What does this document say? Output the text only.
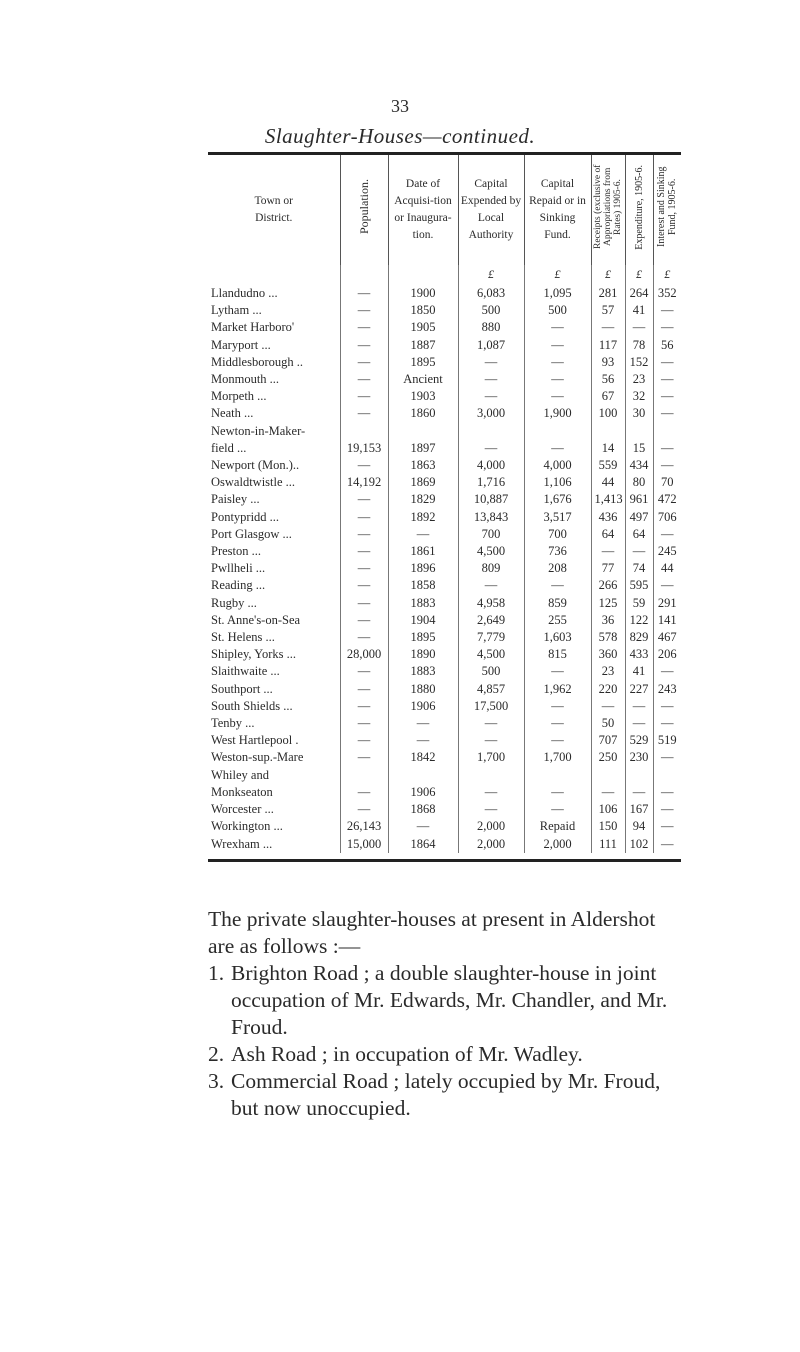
33
Slaughter-Houses—continued.
Town or District.	Population.	Date of Acquisi-tion or Inaugura-tion.	Capital Expended by Local Authority	Capital Repaid or in Sinking Fund.	Receipts (exclusive of Appropriations from Rates) 1905-6.	Expenditure, 1905-6.	Interest and Sinking Fund, 1905-6.
			£	£	£	£	£
Llandudno ...	—	1900	6,083	1,095	281	264	352
Lytham ...	—	1850	500	500	57	41	—
Market Harboro'	—	1905	880	—	—	—	—
Maryport ...	—	1887	1,087	—	117	78	56
Middlesborough ..	—	1895	—	—	93	152	—
Monmouth ...	—	Ancient	—	—	56	23	—
Morpeth ...	—	1903	—	—	67	32	—
Neath ...	—	1860	3,000	1,900	100	30	—
Newton-in-Maker-							
field ...	19,153	1897	—	—	14	15	—
Newport (Mon.)..	—	1863	4,000	4,000	559	434	—
Oswaldtwistle ...	14,192	1869	1,716	1,106	44	80	70
Paisley ...	—	1829	10,887	1,676	1,413	961	472
Pontypridd ...	—	1892	13,843	3,517	436	497	706
Port Glasgow ...	—	—	700	700	64	64	—
Preston ...	—	1861	4,500	736	—	—	245
Pwllheli ...	—	1896	809	208	77	74	44
Reading ...	—	1858	—	—	266	595	—
Rugby ...	—	1883	4,958	859	125	59	291
St. Anne's-on-Sea	—	1904	2,649	255	36	122	141
St. Helens ...	—	1895	7,779	1,603	578	829	467
Shipley, Yorks ...	28,000	1890	4,500	815	360	433	206
Slaithwaite ...	—	1883	500	—	23	41	—
Southport ...	—	1880	4,857	1,962	220	227	243
South Shields ...	—	1906	17,500	—	—	—	—
Tenby ...	—	—	—	—	50	—	—
West Hartlepool .	—	—	—	—	707	529	519
Weston-sup.-Mare	—	1842	1,700	1,700	250	230	—
Whiley and							
Monkseaton	—	1906	—	—	—	—	—
Worcester ...	—	1868	—	—	106	167	—
Workington ...	26,143	—	2,000	Repaid	150	94	—
Wrexham ...	15,000	1864	2,000	2,000	111	102	—

The private slaughter-houses at present in Aldershot are as follows :—

1. Brighton Road ; a double slaughter-house in joint occupation of Mr. Edwards, Mr. Chandler, and Mr. Froud.
2. Ash Road ; in occupation of Mr. Wadley.
3. Commercial Road ; lately occupied by Mr. Froud, but now unoccupied.
